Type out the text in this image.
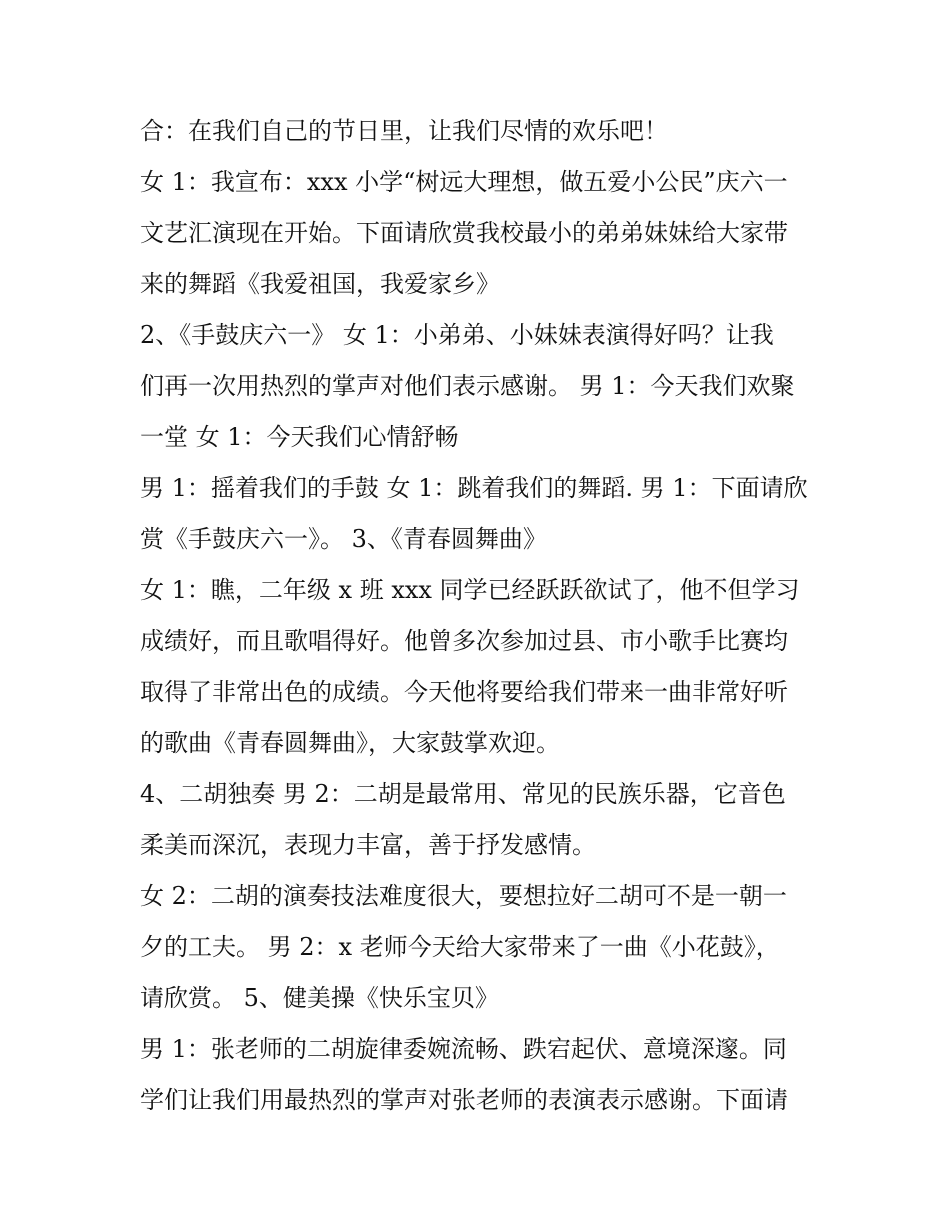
合：在我们自己的节日里，让我们尽情的欢乐吧！
女 1：我宣布：xxx 小学“树远大理想，做五爱小公民”庆六一
文艺汇演现在开始。下面请欣赏我校最小的弟弟妹妹给大家带
来的舞蹈《我爱祖国，我爱家乡》
2、《手鼓庆六一》 女 1：小弟弟、小妹妹表演得好吗？让我
们再一次用热烈的掌声对他们表示感谢。 男 1：今天我们欢聚
一堂 女 1：今天我们心情舒畅
男 1：摇着我们的手鼓 女 1：跳着我们的舞蹈. 男 1：下面请欣
赏《手鼓庆六一》。 3、《青春圆舞曲》
女 1：瞧，二年级 x 班 xxx 同学已经跃跃欲试了，他不但学习
成绩好，而且歌唱得好。他曾多次参加过县、市小歌手比赛均
取得了非常出色的成绩。今天他将要给我们带来一曲非常好听
的歌曲《青春圆舞曲》，大家鼓掌欢迎。
4、二胡独奏 男 2：二胡是最常用、常见的民族乐器，它音色
柔美而深沉，表现力丰富，善于抒发感情。
女 2：二胡的演奏技法难度很大，要想拉好二胡可不是一朝一
夕的工夫。 男 2：x 老师今天给大家带来了一曲《小花鼓》，
请欣赏。 5、健美操《快乐宝贝》
男 1：张老师的二胡旋律委婉流畅、跌宕起伏、意境深邃。同
学们让我们用最热烈的掌声对张老师的表演表示感谢。下面请
